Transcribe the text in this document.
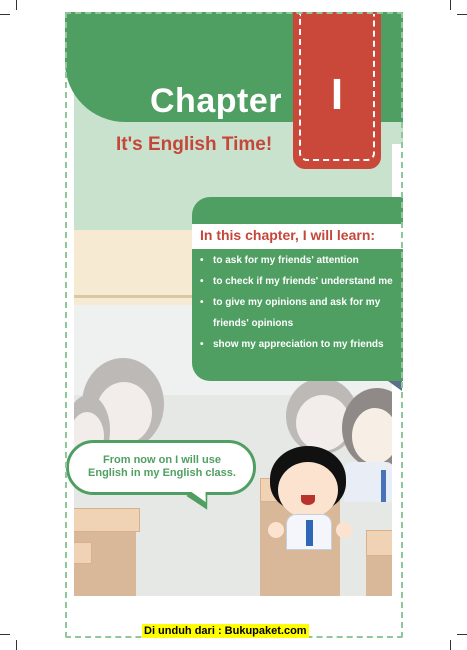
Chapter	I
It's English Time!
In this chapter, I will learn:
• to ask for my friends' attention
• to check if my friends' understand me
• to give my opinions and ask for my friends' opinions
• show my appreciation to my friends
From now on I will use
English in my English class.
Di unduh dari : Bukupaket.com
